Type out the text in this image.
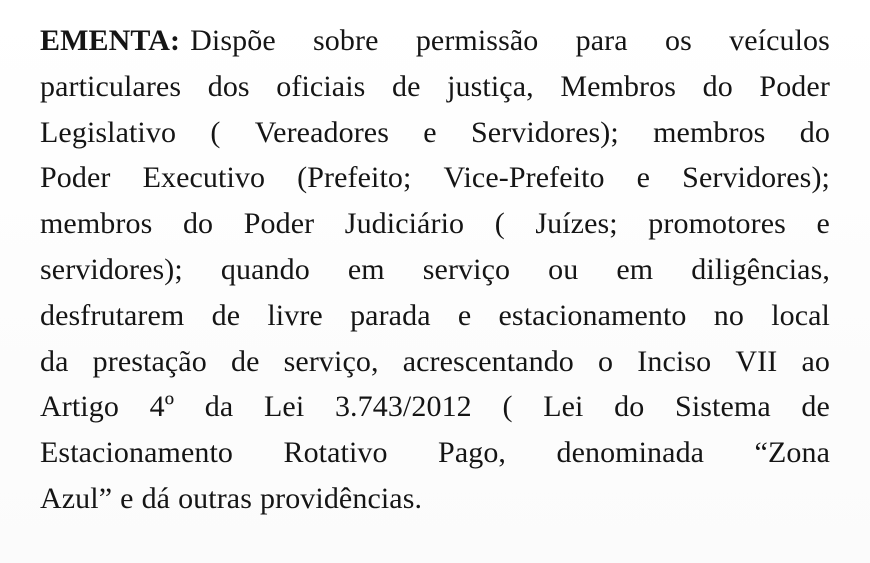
EMENTA: Dispõe sobre permissão para os veículos
particulares dos oficiais de justiça, Membros do Poder
Legislativo ( Vereadores e Servidores); membros do
Poder Executivo (Prefeito; Vice-Prefeito e Servidores);
membros do Poder Judiciário ( Juízes; promotores e
servidores); quando em serviço ou em diligências,
desfrutarem de livre parada e estacionamento no local
da prestação de serviço, acrescentando o Inciso VII ao
Artigo 4º da Lei 3.743/2012 ( Lei do Sistema de
Estacionamento Rotativo Pago, denominada “Zona
Azul” e dá outras providências.
